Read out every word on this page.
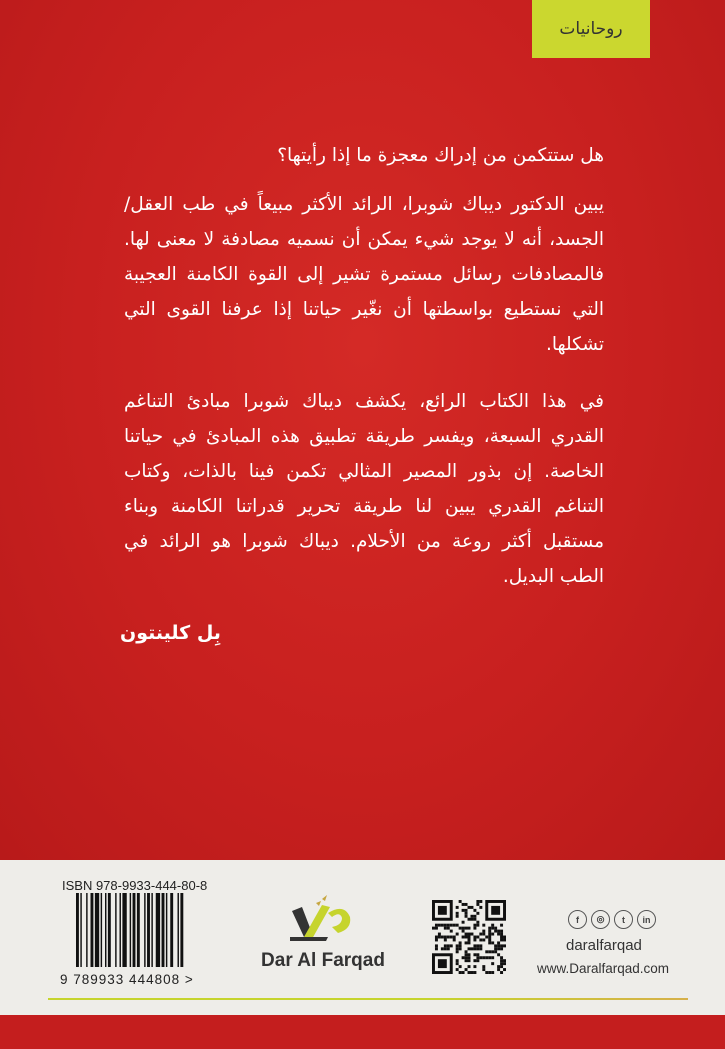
روحانيات

هل ستتكمن من إدراك معجزة ما إذا رأيتها؟

يبين الدكتور ديباك شوبرا، الرائد الأكثر مبيعاً في طب العقل/الجسد، أنه لا يوجد شيء يمكن أن نسميه مصادفة لا معنى لها. فالمصادفات رسائل مستمرة تشير إلى القوة الكامنة العجيبة التي نستطيع بواسطتها أن نغّير حياتنا إذا عرفنا القوى التي تشكلها.

في هذا الكتاب الرائع، يكشف ديباك شوبرا مبادئ التناغم القدري السبعة، ويفسر طريقة تطبيق هذه المبادئ في حياتنا الخاصة. إن بذور المصير المثالي تكمن فينا بالذات، وكتاب التناغم القدري يبين لنا طريقة تحرير قدراتنا الكامنة وبناء مستقبل أكثر روعة من الأحلام. ديباك شوبرا هو الرائد في الطب البديل.

بِل كلينتون
ISBN 978-9933-444-80-8
9 789933 444808 >
Dar Al Farqad
f	◎	t	in
daralfarqad
www.Daralfarqad.com
